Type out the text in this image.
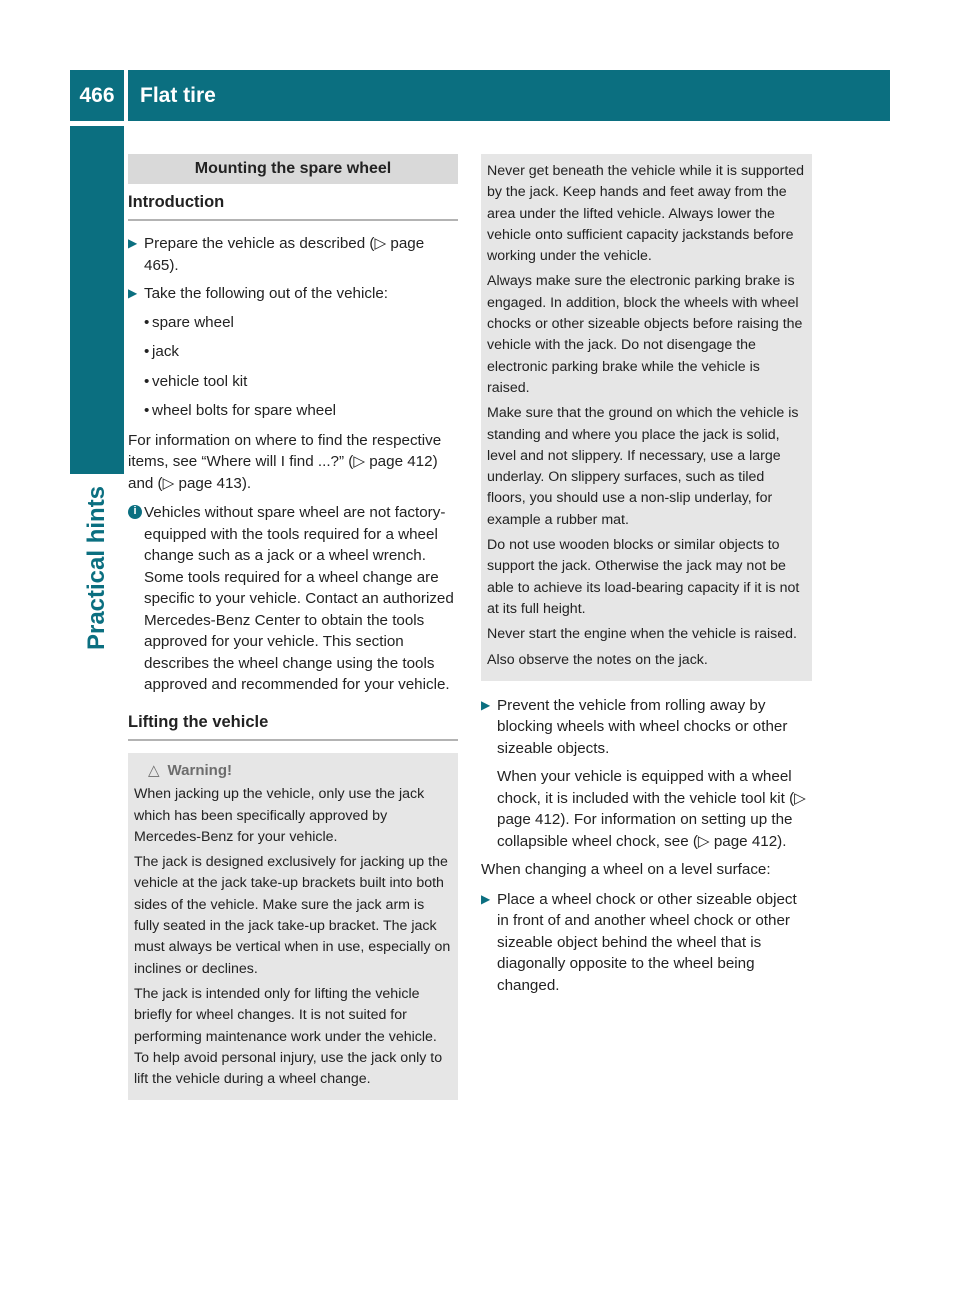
466	Flat tire
Practical hints
Mounting the spare wheel
Introduction
▶ Prepare the vehicle as described (▷ page 465).
▶ Take the following out of the vehicle:
• spare wheel
• jack
• vehicle tool kit
• wheel bolts for spare wheel
For information on where to find the respective items, see “Where will I find ...?” (▷ page 412) and (▷ page 413).
i Vehicles without spare wheel are not factory-equipped with the tools required for a wheel change such as a jack or a wheel wrench. Some tools required for a wheel change are specific to your vehicle. Contact an authorized Mercedes-Benz Center to obtain the tools approved for your vehicle. This section describes the wheel change using the tools approved and recommended for your vehicle.
Lifting the vehicle
△ Warning!

When jacking up the vehicle, only use the jack which has been specifically approved by Mercedes-Benz for your vehicle.

The jack is designed exclusively for jacking up the vehicle at the jack take-up brackets built into both sides of the vehicle. Make sure the jack arm is fully seated in the jack take-up bracket. The jack must always be vertical when in use, especially on inclines or declines.

The jack is intended only for lifting the vehicle briefly for wheel changes. It is not suited for performing maintenance work under the vehicle. To help avoid personal injury, use the jack only to lift the vehicle during a wheel change.

Never get beneath the vehicle while it is supported by the jack. Keep hands and feet away from the area under the lifted vehicle. Always lower the vehicle onto sufficient capacity jackstands before working under the vehicle.

Always make sure the electronic parking brake is engaged. In addition, block the wheels with wheel chocks or other sizeable objects before raising the vehicle with the jack. Do not disengage the electronic parking brake while the vehicle is raised.

Make sure that the ground on which the vehicle is standing and where you place the jack is solid, level and not slippery. If necessary, use a large underlay. On slippery surfaces, such as tiled floors, you should use a non-slip underlay, for example a rubber mat.

Do not use wooden blocks or similar objects to support the jack. Otherwise the jack may not be able to achieve its load-bearing capacity if it is not at its full height.

Never start the engine when the vehicle is raised.

Also observe the notes on the jack.

▶ Prevent the vehicle from rolling away by blocking wheels with wheel chocks or other sizeable objects.
When your vehicle is equipped with a wheel chock, it is included with the vehicle tool kit (▷ page 412). For information on setting up the collapsible wheel chock, see (▷ page 412).
When changing a wheel on a level surface:
▶ Place a wheel chock or other sizeable object in front of and another wheel chock or other sizeable object behind the wheel that is diagonally opposite to the wheel being changed.
